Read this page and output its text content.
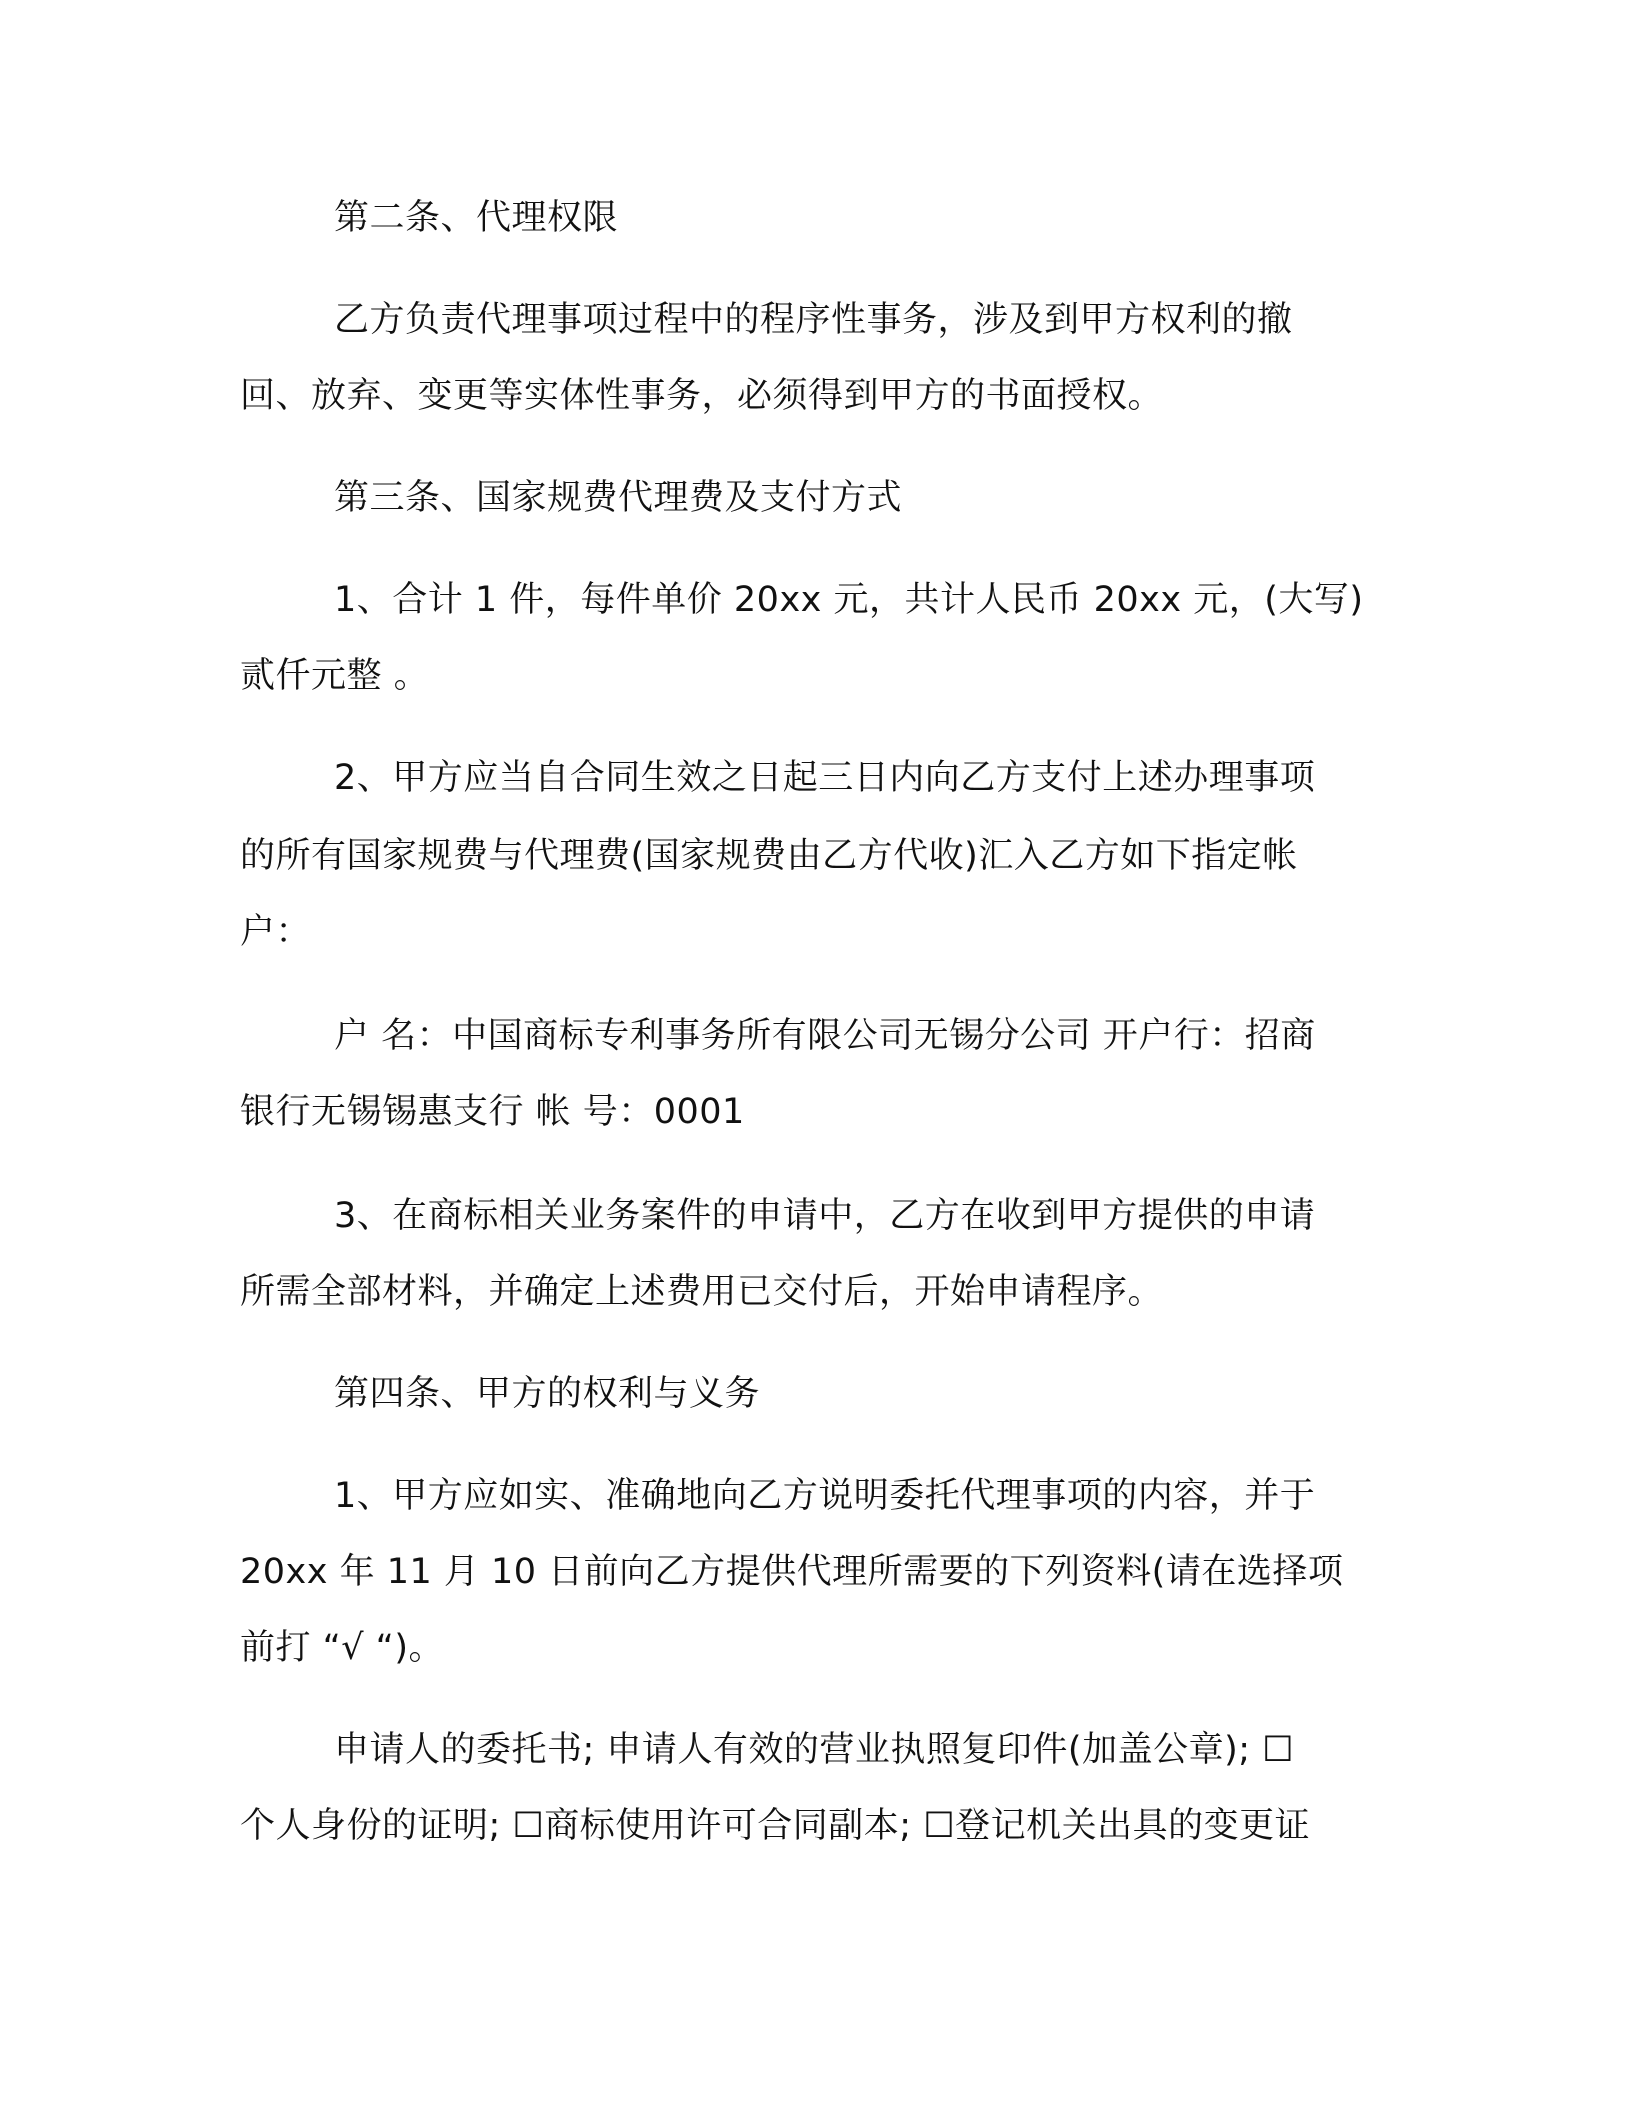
第二条、代理权限
乙方负责代理事项过程中的程序性事务，涉及到甲方权利的撤
回、放弃、变更等实体性事务，必须得到甲方的书面授权。
第三条、国家规费代理费及支付方式
1、合计 1 件，每件单价 20xx 元，共计人民币 20xx 元，(大写)
贰仟元整 。
2、甲方应当自合同生效之日起三日内向乙方支付上述办理事项
的所有国家规费与代理费(国家规费由乙方代收)汇入乙方如下指定帐
户：
户 名：中国商标专利事务所有限公司无锡分公司 开户行：招商
银行无锡锡惠支行 帐 号：0001
3、在商标相关业务案件的申请中，乙方在收到甲方提供的申请
所需全部材料，并确定上述费用已交付后，开始申请程序。
第四条、甲方的权利与义务
1、甲方应如实、准确地向乙方说明委托代理事项的内容，并于
20xx 年 11 月 10 日前向乙方提供代理所需要的下列资料(请在选择项
前打 “√ “)。
申请人的委托书; 申请人有效的营业执照复印件(加盖公章); ☐
个人身份的证明; ☐商标使用许可合同副本; ☐登记机关出具的变更证
